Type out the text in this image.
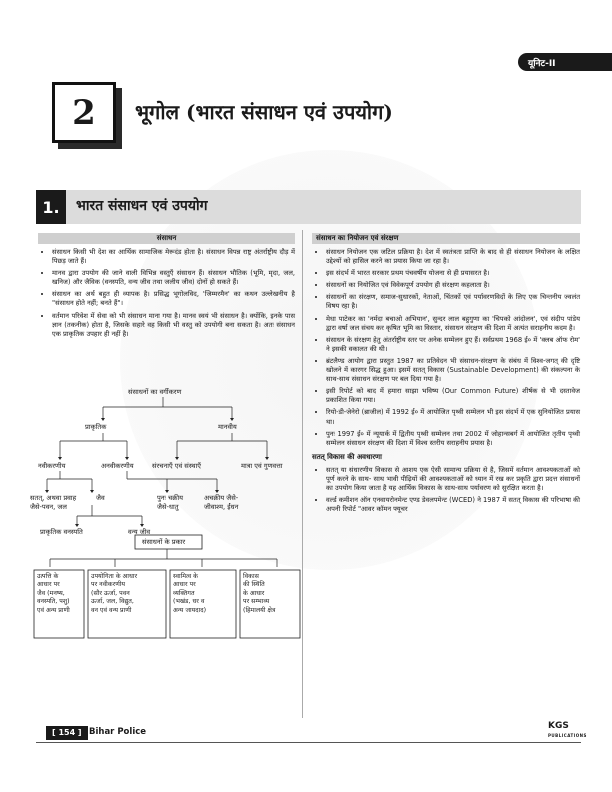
यूनिट-II
2	भूगोल (भारत संसाधन एवं उपयोग)
1.	भारत संसाधन एवं उपयोग
संसाधन
• संसाधन किसी भी देश का आर्थिक सामाजिक मेरूदंड होता है। संसाधन विपन्न राष्ट्र अंतर्राष्ट्रीय दौड़ में पिछड़ जाते हैं।
• मानव द्वारा उपयोग की जाने वाली विभिन्न वस्तुएँ संसाधन हैं। संसाधन भौतिक (भूमि, मृदा, जल, खनिज) और जैविक (वनस्पति, वन्य जीव तथा जलीय जीव) दोनों हो सकते हैं।
• संसाधन का अर्थ बहुत ही व्यापक है। प्रसिद्ध भूगोलविद, 'जिम्मरमैन' का कथन उल्लेखनीय है "संसाधन होते नहीं; बनते हैं"।
• वर्तमान परिवेश में सेवा को भी संसाधन माना गया है। मानव स्वयं भी संसाधन है। क्योंकि, इनके पास ज्ञान (तकनीक) होता है, जिसके सहारे वह किसी भी वस्तु को उपयोगी बना सकता है। अतः संसाधन एक प्राकृतिक उपहार ही नहीं है।
संसाधनों का वर्गीकरण
प्राकृतिक	मानवीय
नवीकरणीय	अनवीकरणीय	संरचनाएँ एवं संस्थाएँ	मात्रा एवं गुणवत्ता
सतत्, अथवा प्रवाह
जैसे-पवन, जल
जैव	पुनः चक्रीय
जैसे-धातु
अचक्रीय जैसे-
जीवाश्म, ईंधन
प्राकृतिक वनस्पति	वन्य जीव
संसाधनों के प्रकार
उत्पत्ति के
आधार पर
जैव (मनष्य,
वनस्पति, पशु)
एवं अन्य प्राणी
उपयोगिता के आधार
पर नवीकरणीय
(सौर ऊर्जा, पवन
ऊर्जा, जल, विद्युत,
वन एवं वन्य प्राणी
स्वामित्व के
आधार पर
व्यक्तिगत
(भखंड, धर व
अन्य जायदाद)
विकास
की स्थिति
के आधार
पर सम्भाव्य
(हिमालयी क्षेत्र
संसाधन का नियोजन एवं संरक्षण
• संसाधन नियोजन एक जटिल प्रक्रिया है। देश में स्वतंत्रता प्राप्ति के बाद से ही संसाधन नियोजन के लक्षित उद्देश्यों को हासिल करने का प्रयास किया जा रहा है।
• इस संदर्भ में भारत सरकार प्रथम पंचवर्षीय योजना से ही प्रयासरत है।
• संसाधनों का नियोजित एवं विवेकपूर्ण उपयोग ही संरक्षण कहलाता है।
• संसाधनों का संरक्षण, समाज-सुधारकों, नेताओं, चिंतकों एवं पर्यावरणविदों के लिए एक चिन्तनीय ज्वलंत विषय रहा है।
• मेधा पाटेकर का 'नर्मदा बचाओ अभियान', सुन्दर लाल बहुगुणा का 'चिपको आंदोलन', एवं संदीप पांडेय द्वारा वर्षा जल संचय कर कृषित भूमि का विस्तार, संसाधन संरक्षण की दिशा में अत्यंत सराहनीय कदम है।
• संसाधन के संरक्षण हेतु अंतर्राष्ट्रीय स्तर पर अनेक सम्मेलन हुए हैं। सर्वप्रथम 1968 ई० में 'क्लब ऑफ रोम' ने इसकी वकालत की थी।
• ब्रंटलैण्ड आयोग द्वारा प्रस्तुत 1987 का प्रतिवेदन भी संसाधन-संरक्षण के संबंध में विश्व-जगत् की दृष्टि खोलने में कारगर सिद्ध हुआ। इसमें सतत् विकास (Sustainable Development) की संकल्पना के साथ-साथ संसाधन संरक्षण पर बल दिया गया है।
• इसी रिपोर्ट को बाद में हमारा साझा भविष्य (Our Common Future) शीर्षक से भी दस्तावेज प्रकाशित किया गया।
• रियो-डी-जेनेरो (ब्राजील) में 1992 ई० में आयोजित पृथ्वी सम्मेलन भी इस संदर्भ में एक सुनियोजित प्रयास था।
• पुनः 1997 ई० में न्यूयार्क में द्वितीय पृथ्वी सम्मेलन तथा 2002 में जोहान्सबर्ग में आयोजित तृतीय पृथ्वी सम्मेलन संसाधन संरक्षण की दिशा में विश्व स्तरीय सराहनीय प्रयास है।
सतत् विकास की अवधारणा
• सतत् या संधारणीय विकास से आशय एक ऐसी सामान्य प्रक्रिया से है, जिसमें वर्तमान आवश्यकताओं को पूर्ण करने के साथ- साथ भावी पीढ़ियों की आवश्यकताओं को ध्यान में रख कर प्रकृति द्वारा प्रदत्त संसाधनों का उपयोग किया जाता है यह आर्थिक विकास के साथ-साथ पर्यावरण को सुरक्षित करता है।
• वर्ल्ड कमीशन ऑन एनवायरोनमेन्ट एण्ड डेवलपमेन्ट (WCED) ने 1987 में सतत् विकास की परिभाषा की अपनी रिपोर्ट "आवर कॉमन फ्यूचर
[ 154 ] Bihar Police
KGS
PUBLICATIONS
